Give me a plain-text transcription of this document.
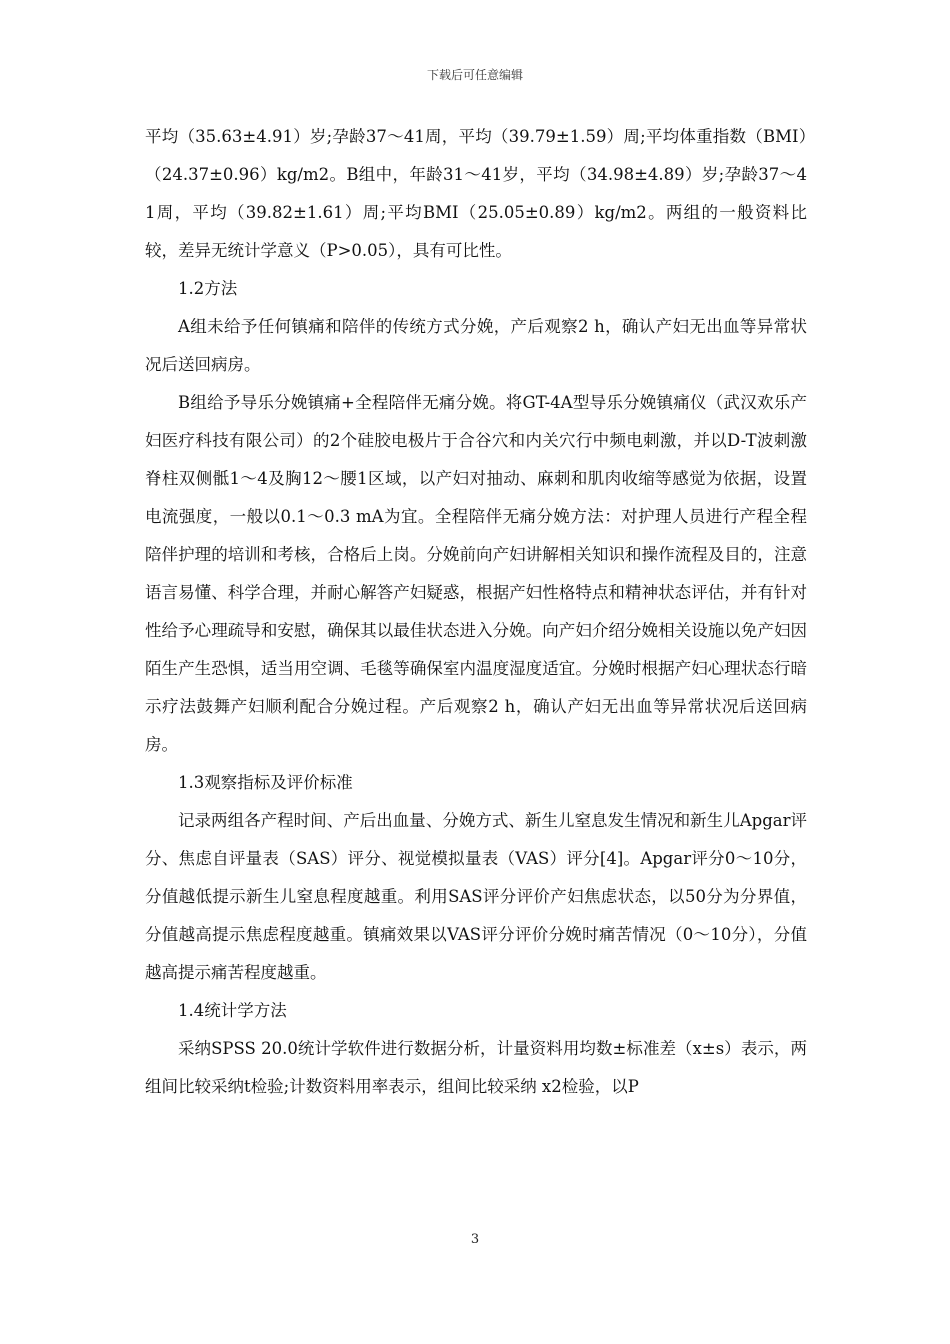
下载后可任意编辑

平均（35.63±4.91）岁;孕龄37～41周，平均（39.79±1.59）周;平均体重指数（BMI）（24.37±0.96）kg/m2。B组中，年龄31～41岁，平均（34.98±4.89）岁;孕龄37～41周，平均（39.82±1.61）周;平均BMI（25.05±0.89）kg/m2。两组的一般资料比较，差异无统计学意义（P>0.05），具有可比性。

1.2方法

A组未给予任何镇痛和陪伴的传统方式分娩，产后观察2 h，确认产妇无出血等异常状况后送回病房。

B组给予导乐分娩镇痛+全程陪伴无痛分娩。将GT-4A型导乐分娩镇痛仪（武汉欢乐产妇医疗科技有限公司）的2个硅胶电极片于合谷穴和内关穴行中频电刺激，并以D-T波刺激脊柱双侧骶1～4及胸12～腰1区域，以产妇对抽动、麻刺和肌肉收缩等感觉为依据，设置电流强度，一般以0.1～0.3 mA为宜。全程陪伴无痛分娩方法：对护理人员进行产程全程陪伴护理的培训和考核，合格后上岗。分娩前向产妇讲解相关知识和操作流程及目的，注意语言易懂、科学合理，并耐心解答产妇疑惑，根据产妇性格特点和精神状态评估，并有针对性给予心理疏导和安慰，确保其以最佳状态进入分娩。向产妇介绍分娩相关设施以免产妇因陌生产生恐惧，适当用空调、毛毯等确保室内温度湿度适宜。分娩时根据产妇心理状态行暗示疗法鼓舞产妇顺利配合分娩过程。产后观察2 h，确认产妇无出血等异常状况后送回病房。

1.3观察指标及评价标准

记录两组各产程时间、产后出血量、分娩方式、新生儿窒息发生情况和新生儿Apgar评分、焦虑自评量表（SAS）评分、视觉模拟量表（VAS）评分[4]。Apgar评分0～10分，分值越低提示新生儿窒息程度越重。利用SAS评分评价产妇焦虑状态，以50分为分界值，分值越高提示焦虑程度越重。镇痛效果以VAS评分评价分娩时痛苦情况（0～10分），分值越高提示痛苦程度越重。

1.4统计学方法

采纳SPSS 20.0统计学软件进行数据分析，计量资料用均数±标准差（x±s）表示，两组间比较采纳t检验;计数资料用率表示，组间比较采纳 x2检验，以P

3
